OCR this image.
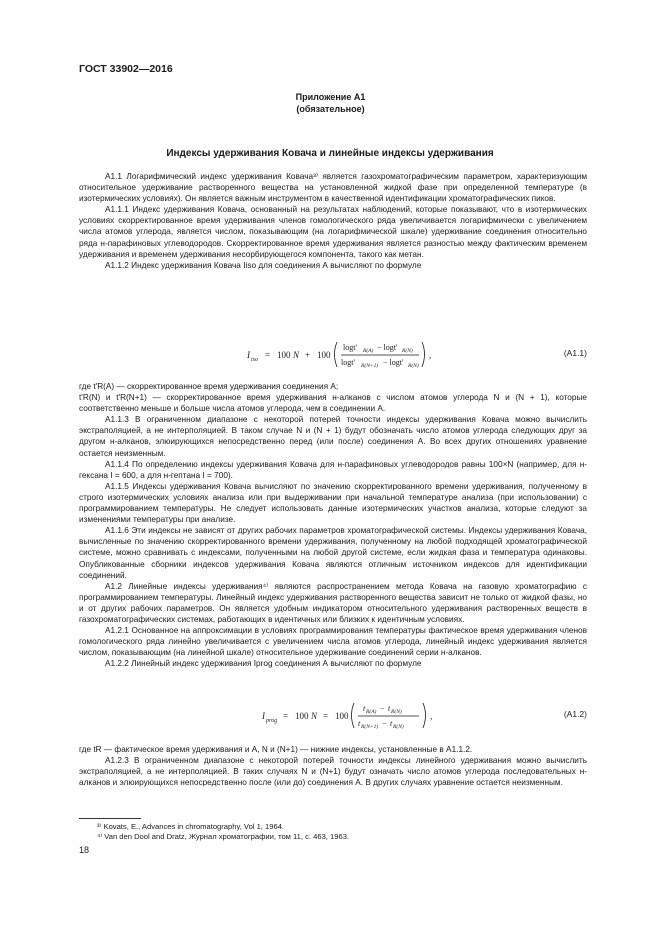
ГОСТ 33902—2016
Приложение А1
(обязательное)
Индексы удерживания Ковача и линейные индексы удерживания

А1.1 Логарифмический индекс удерживания Ковача³⁾ является газохроматографическим параметром, характеризующим относительное удерживание растворенного вещества на установленной жидкой фазе при определенной температуре (в изотермических условиях). Он является важным инструментом в качественной идентификации хроматографических пиков.

А1.1.1 Индекс удерживания Ковача, основанный на результатах наблюдений, которые показывают, что в изотермических условиях скорректированное время удерживания членов гомологического ряда увеличивается логарифмически с увеличением числа атомов углерода, является числом, показывающим (на логарифмической шкале) удерживание соединения относительно ряда н-парафиновых углеводородов. Скорректированное время удерживания является разностью между фактическим временем удерживания и временем удерживания несорбирующегося компонента, такого как метан.

А1.1.2 Индекс удерживания Ковача Iiso для соединения А вычисляют по формуле

I iso = 100 N + 100
logt' R(A) − logt' R(N)
logt' R(N+1) − logt' R(N)
,	(А1.1)

где t'R(A) — скорректированное время удерживания соединения А;

t'R(N) и t'R(N+1) — скорректированное время удерживания н-алканов с числом атомов углерода N и (N + 1), которые соответственно меньше и больше числа атомов углерода, чем в соединении А.

А1.1.3 В ограниченном диапазоне с некоторой потерей точности индексы удерживания Ковача можно вычислить экстраполяцией, а не интерполяцией. В таком случае N и (N + 1) будут обозначать число атомов углерода следующих друг за другом н-алканов, элюирующихся непосредственно перед (или после) соединения А. Во всех других отношениях уравнение остается неизменным.

А1.1.4 По определению индексы удерживания Ковача для н-парафиновых углеводородов равны 100×N (например, для н-гексана I = 600, а для н-гептана I = 700).

А1.1.5 Индексы удерживания Ковача вычисляют по значению скорректированного времени удерживания, полученному в строго изотермических условиях анализа или при выдерживании при начальной температуре анализа (при использовании) с программированием температуры. Не следует использовать данные изотермических участков анализа, которые следуют за изменениями температуры при анализе.

А1.1.6 Эти индексы не зависят от других рабочих параметров хроматографической системы. Индексы удерживания Ковача, вычисленные по значению скорректированного времени удерживания, полученному на любой подходящей хроматографической системе, можно сравнивать с индексами, полученными на любой другой системе, если жидкая фаза и температура одинаковы. Опубликованные сборники индексов удерживания Ковача являются отличным источником индексов для идентификации соединений.

А1.2 Линейные индексы удерживания⁴⁾ являются распространением метода Ковача на газовую хроматографию с программированием температуры. Линейный индекс удерживания растворенного вещества зависит не только от жидкой фазы, но и от других рабочих параметров. Он является удобным индикатором относительного удерживания растворенных веществ в газохроматографических системах, работающих в идентичных или близких к идентичным условиях.

А1.2.1 Основанное на аппроксимации в условиях программирования температуры фактическое время удерживания членов гомологического ряда линейно увеличивается с увеличением числа атомов углерода, линейный индекс удерживания является числом, показывающим (на линейной шкале) относительное удерживание соединений серии н-алканов.

А1.2.2 Линейный индекс удерживания Iprog соединения А вычисляют по формуле

I prog = 100 N = 100
t R(A) − t R(N)
t R(N+1) − t R(N)
,	(А1.2)

где tR — фактическое время удерживания и А, N и (N+1) — нижние индексы, установленные в А1.1.2.

А1.2.3 В ограниченном диапазоне с некоторой потерей точности индексы линейного удерживания можно вычислить экстраполяцией, а не интерполяцией. В таких случаях N и (N+1) будут означать число атомов углерода последовательных н-алканов и элюирующихся непосредственно после (или до) соединения А. В других случаях уравнение остается неизменным.

³⁾ Kovats, E., Advances in chromatography, Vol 1, 1964.
⁴⁾ Van den Dool and Dratz, Журнал хроматографии, том 11, с. 463, 1963.
18
